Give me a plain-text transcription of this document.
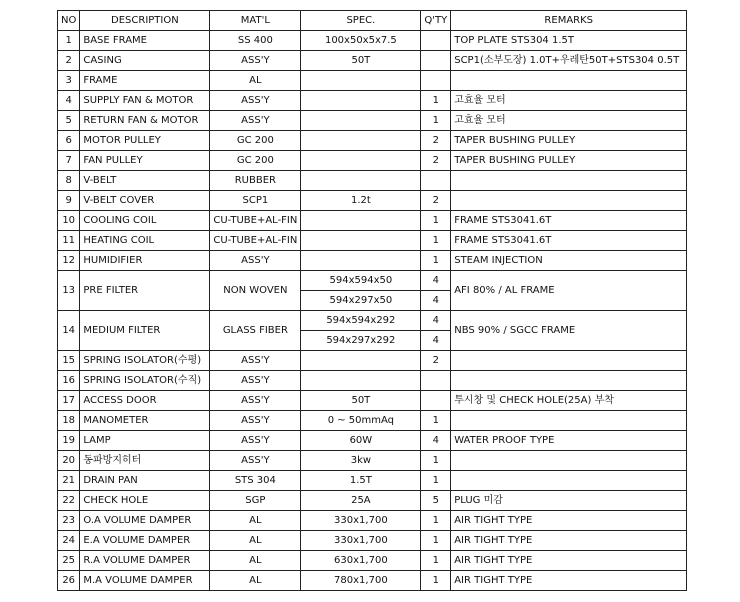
NO	DESCRIPTION	MAT'L	SPEC.	Q'TY	REMARKS
1	BASE FRAME	SS 400	100x50x5x7.5		TOP PLATE STS304 1.5T
2	CASING	ASS'Y	50T		SCP1(소부도장) 1.0T+우레탄50T+STS304 0.5T
3	FRAME	AL			
4	SUPPLY FAN & MOTOR	ASS'Y		1	고효율 모터
5	RETURN FAN & MOTOR	ASS'Y		1	고효율 모터
6	MOTOR PULLEY	GC 200		2	TAPER BUSHING PULLEY
7	FAN PULLEY	GC 200		2	TAPER BUSHING PULLEY
8	V-BELT	RUBBER			
9	V-BELT COVER	SCP1	1.2t	2	
10	COOLING COIL	CU-TUBE+AL-FIN		1	FRAME STS3041.6T
11	HEATING COIL	CU-TUBE+AL-FIN		1	FRAME STS3041.6T
12	HUMIDIFIER	ASS'Y		1	STEAM INJECTION
13	PRE FILTER	NON WOVEN	594x594x50	4	AFI 80% / AL FRAME
			594x297x50	4	
14	MEDIUM FILTER	GLASS FIBER	594x594x292	4	NBS 90% / SGCC FRAME
			594x297x292	4	
15	SPRING ISOLATOR(수평)	ASS'Y		2	
16	SPRING ISOLATOR(수직)	ASS'Y			
17	ACCESS DOOR	ASS'Y	50T		투시창 및 CHECK HOLE(25A) 부착
18	MANOMETER	ASS'Y	0 ~ 50mmAq	1	
19	LAMP	ASS'Y	60W	4	WATER PROOF TYPE
20	동파방지히터	ASS'Y	3kw	1	
21	DRAIN PAN	STS 304	1.5T	1	
22	CHECK HOLE	SGP	25A	5	PLUG 미감
23	O.A VOLUME DAMPER	AL	330x1,700	1	AIR TIGHT TYPE
24	E.A VOLUME DAMPER	AL	330x1,700	1	AIR TIGHT TYPE
25	R.A VOLUME DAMPER	AL	630x1,700	1	AIR TIGHT TYPE
26	M.A VOLUME DAMPER	AL	780x1,700	1	AIR TIGHT TYPE
